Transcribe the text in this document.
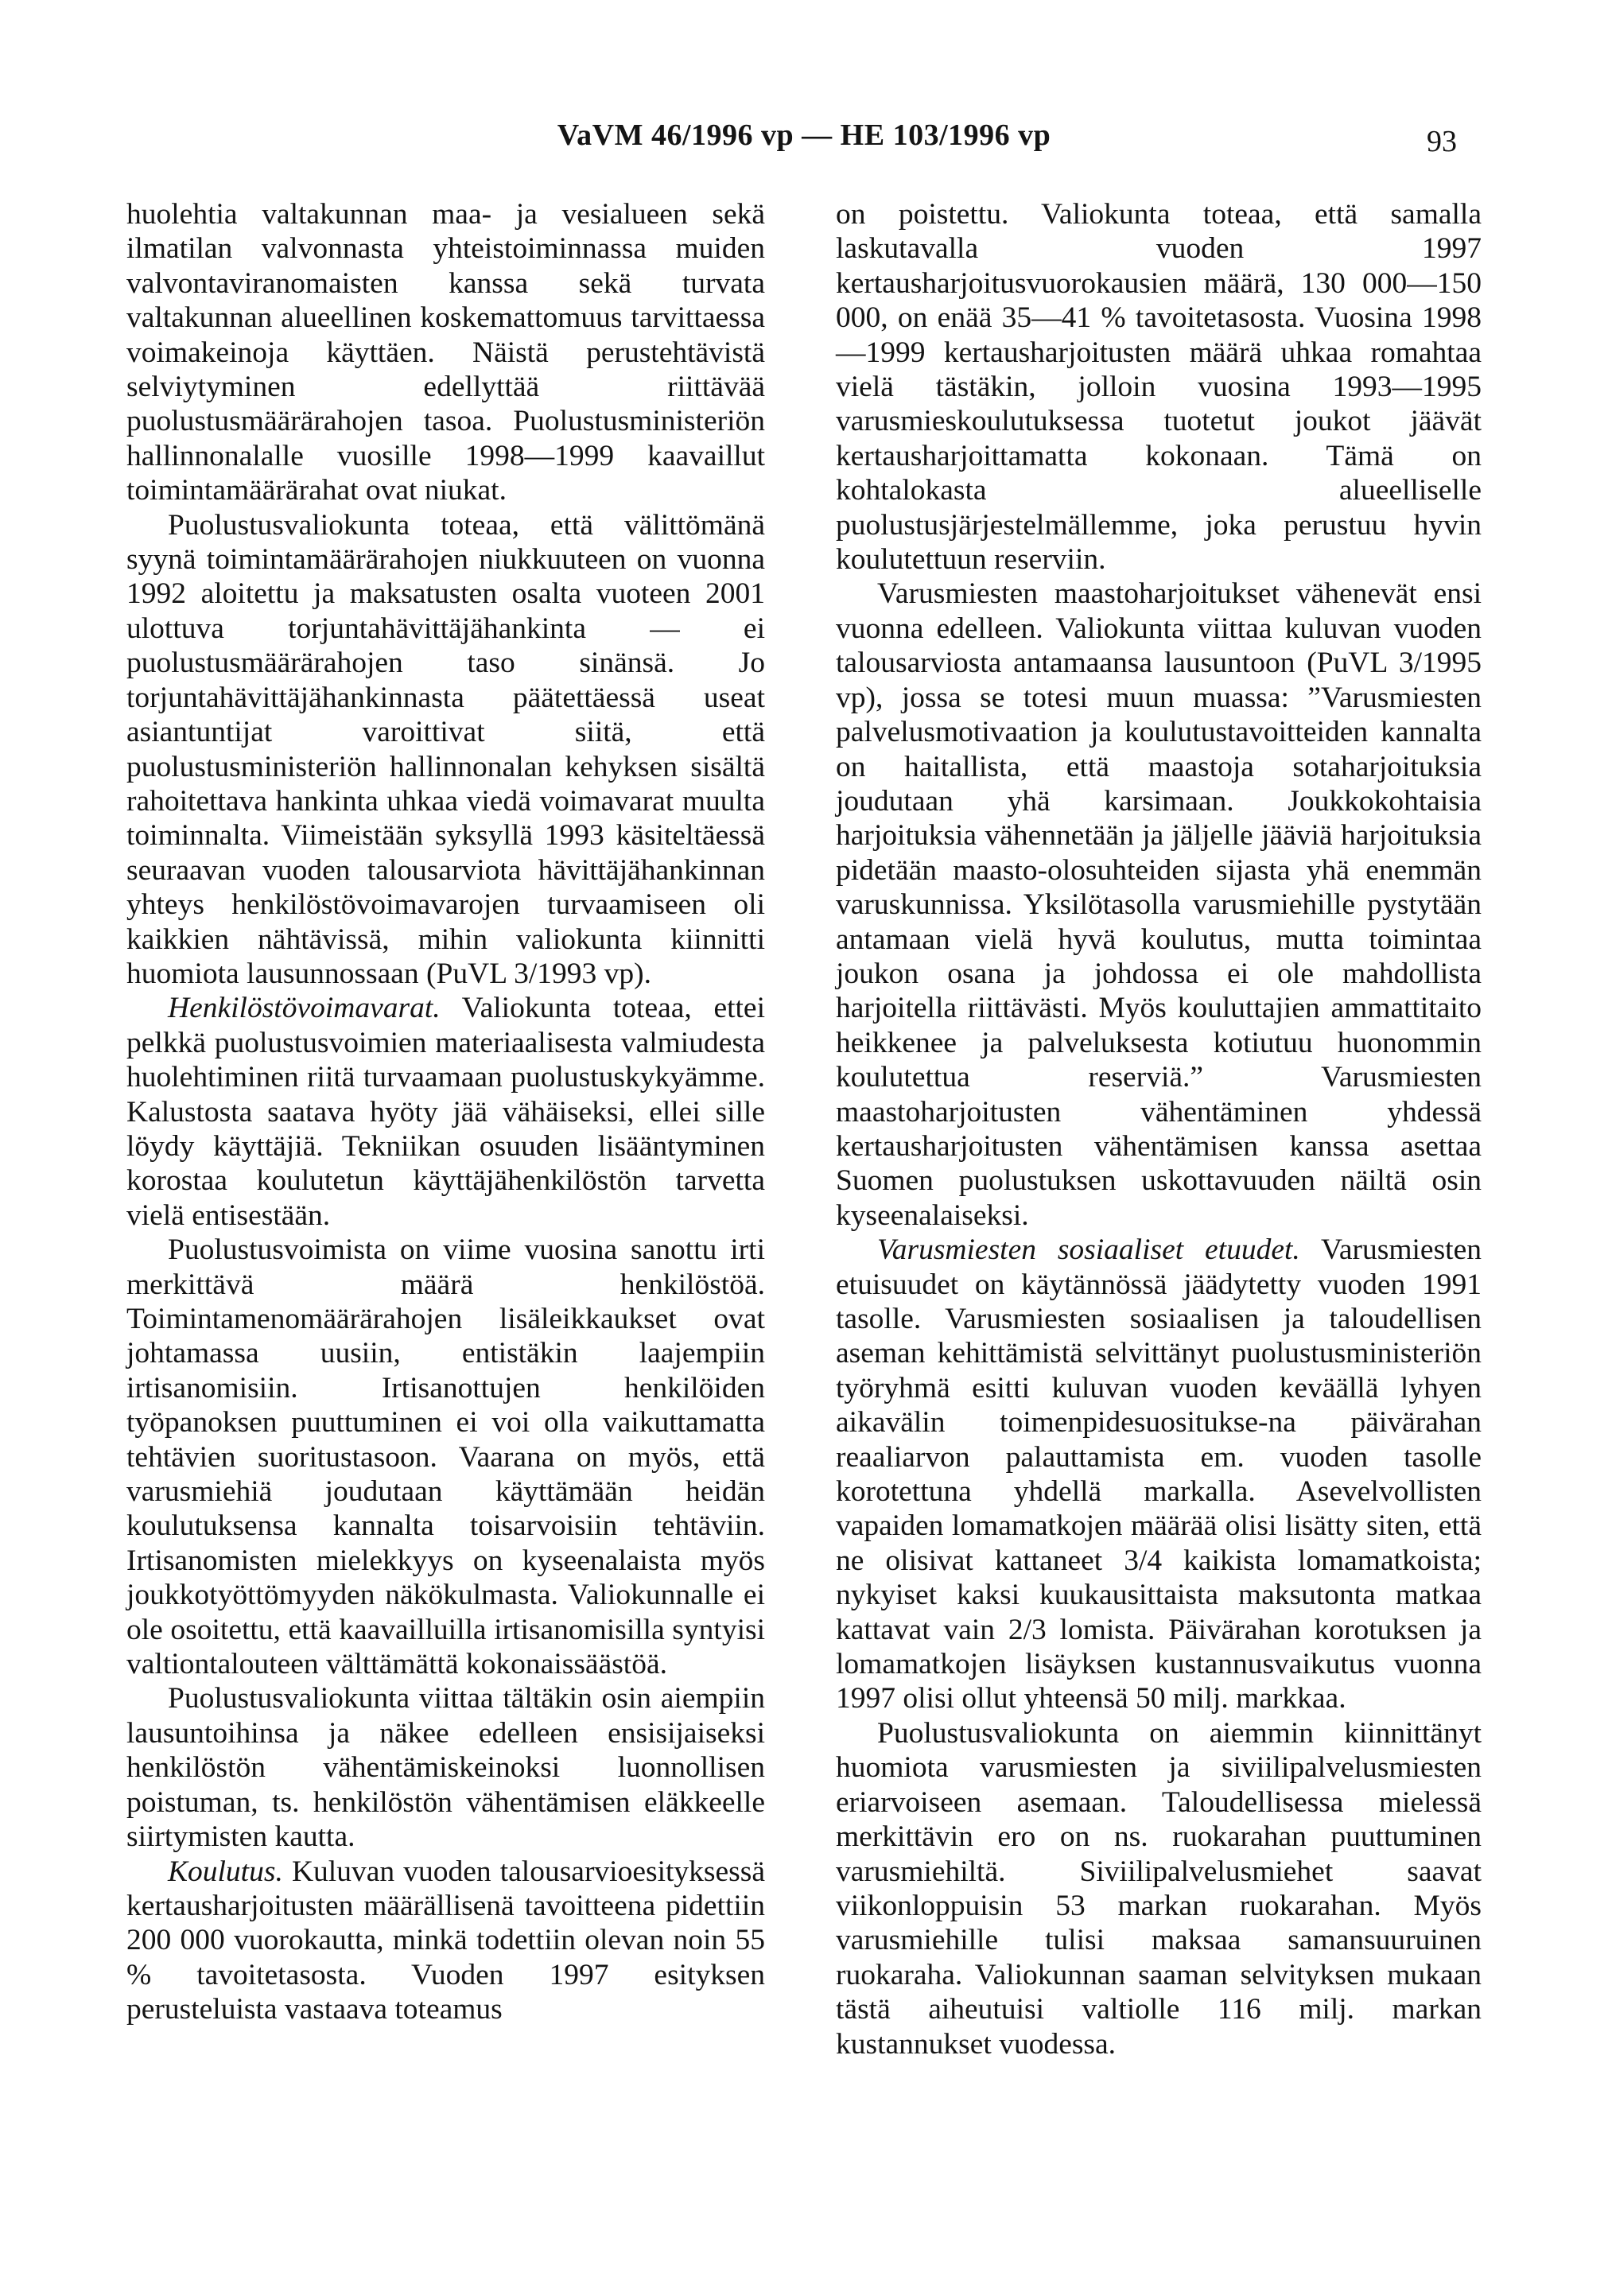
VaVM 46/1996 vp — HE 103/1996 vp	93

huolehtia valtakunnan maa- ja vesialueen sekä ilmatilan valvonnasta yhteistoiminnassa muiden valvontaviranomaisten kanssa sekä turvata valtakunnan alueellinen koskemattomuus tarvittaessa voimakeinoja käyttäen. Näistä perustehtävistä selviytyminen edellyttää riittävää puolustusmäärärahojen tasoa. Puolustusministeriön hallinnonalalle vuosille 1998—1999 kaavaillut toimintamäärärahat ovat niukat.

Puolustusvaliokunta toteaa, että välittömänä syynä toimintamäärärahojen niukkuuteen on vuonna 1992 aloitettu ja maksatusten osalta vuoteen 2001 ulottuva torjuntahävittäjähankinta — ei puolustusmäärärahojen taso sinänsä. Jo torjuntahävittäjähankinnasta päätettäessä useat asiantuntijat varoittivat siitä, että puolustusministeriön hallinnonalan kehyksen sisältä rahoitettava hankinta uhkaa viedä voimavarat muulta toiminnalta. Viimeistään syksyllä 1993 käsiteltäessä seuraavan vuoden talousarviota hävittäjähankinnan yhteys henkilöstövoimavarojen turvaamiseen oli kaikkien nähtävissä, mihin valiokunta kiinnitti huomiota lausunnossaan (PuVL 3/1993 vp).

Henkilöstövoimavarat. Valiokunta toteaa, ettei pelkkä puolustusvoimien materiaalisesta valmiudesta huolehtiminen riitä turvaamaan puolustuskykyämme. Kalustosta saatava hyöty jää vähäiseksi, ellei sille löydy käyttäjiä. Tekniikan osuuden lisääntyminen korostaa koulutetun käyttäjähenkilöstön tarvetta vielä entisestään.

Puolustusvoimista on viime vuosina sanottu irti merkittävä määrä henkilöstöä. Toimintamenomäärärahojen lisäleikkaukset ovat johtamassa uusiin, entistäkin laajempiin irtisanomisiin. Irtisanottujen henkilöiden työpanoksen puuttuminen ei voi olla vaikuttamatta tehtävien suoritustasoon. Vaarana on myös, että varusmiehiä joudutaan käyttämään heidän koulutuksensa kannalta toisarvoisiin tehtäviin. Irtisanomisten mielekkyys on kyseenalaista myös joukkotyöttömyyden näkökulmasta. Valiokunnalle ei ole osoitettu, että kaavailluilla irtisanomisilla syntyisi valtiontalouteen välttämättä kokonaissäästöä.

Puolustusvaliokunta viittaa tältäkin osin aiempiin lausuntoihinsa ja näkee edelleen ensisijaiseksi henkilöstön vähentämiskeinoksi luonnollisen poistuman, ts. henkilöstön vähentämisen eläkkeelle siirtymisten kautta.

Koulutus. Kuluvan vuoden talousarvioesityksessä kertausharjoitusten määrällisenä tavoitteena pidettiin 200 000 vuorokautta, minkä todettiin olevan noin 55 % tavoitetasosta. Vuoden 1997 esityksen perusteluista vastaava toteamus

on poistettu. Valiokunta toteaa, että samalla laskutavalla vuoden 1997 kertausharjoitusvuorokausien määrä, 130 000—150 000, on enää 35—41 % tavoitetasosta. Vuosina 1998—1999 kertausharjoitusten määrä uhkaa romahtaa vielä tästäkin, jolloin vuosina 1993—1995 varusmieskoulutuksessa tuotetut joukot jäävät kertausharjoittamatta kokonaan. Tämä on kohtalokasta alueelliselle puolustusjärjestelmällemme, joka perustuu hyvin koulutettuun reserviin.

Varusmiesten maastoharjoitukset vähenevät ensi vuonna edelleen. Valiokunta viittaa kuluvan vuoden talousarviosta antamaansa lausuntoon (PuVL 3/1995 vp), jossa se totesi muun muassa: ”Varusmiesten palvelusmotivaation ja koulutustavoitteiden kannalta on haitallista, että maastoja sotaharjoituksia joudutaan yhä karsimaan. Joukkokohtaisia harjoituksia vähennetään ja jäljelle jääviä harjoituksia pidetään maasto-olosuhteiden sijasta yhä enemmän varuskunnissa. Yksilötasolla varusmiehille pystytään antamaan vielä hyvä koulutus, mutta toimintaa joukon osana ja johdossa ei ole mahdollista harjoitella riittävästi. Myös kouluttajien ammattitaito heikkenee ja palveluksesta kotiutuu huonommin koulutettua reserviä.” Varusmiesten maastoharjoitusten vähentäminen yhdessä kertausharjoitusten vähentämisen kanssa asettaa Suomen puolustuksen uskottavuuden näiltä osin kyseenalaiseksi.

Varusmiesten sosiaaliset etuudet. Varusmiesten etuisuudet on käytännössä jäädytetty vuoden 1991 tasolle. Varusmiesten sosiaalisen ja taloudellisen aseman kehittämistä selvittänyt puolustusministeriön työryhmä esitti kuluvan vuoden keväällä lyhyen aikavälin toimenpidesuositukse-na päivärahan reaaliarvon palauttamista em. vuoden tasolle korotettuna yhdellä markalla. Asevelvollisten vapaiden lomamatkojen määrää olisi lisätty siten, että ne olisivat kattaneet 3/4 kaikista lomamatkoista; nykyiset kaksi kuukausittaista maksutonta matkaa kattavat vain 2/3 lomista. Päivärahan korotuksen ja lomamatkojen lisäyksen kustannusvaikutus vuonna 1997 olisi ollut yhteensä 50 milj. markkaa.

Puolustusvaliokunta on aiemmin kiinnittänyt huomiota varusmiesten ja siviilipalvelusmiesten eriarvoiseen asemaan. Taloudellisessa mielessä merkittävin ero on ns. ruokarahan puuttuminen varusmiehiltä. Siviilipalvelusmiehet saavat viikonloppuisin 53 markan ruokarahan. Myös varusmiehille tulisi maksaa samansuuruinen ruokaraha. Valiokunnan saaman selvityksen mukaan tästä aiheutuisi valtiolle 116 milj. markan kustannukset vuodessa.
